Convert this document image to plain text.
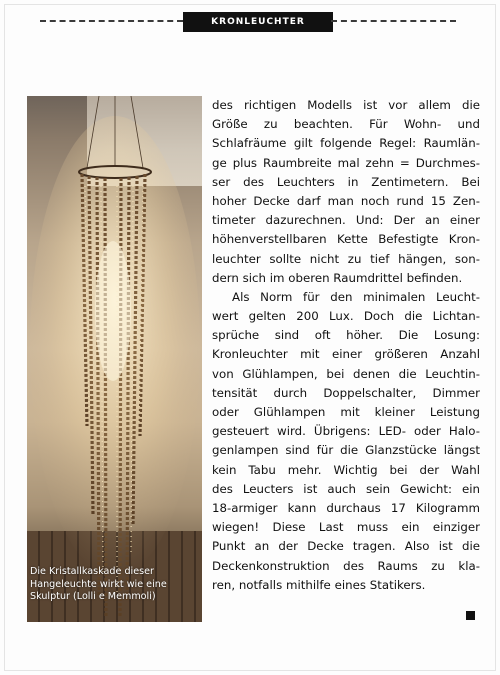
KRONLEUCHTER
Die Kristallkaskade dieser
Hangeleuchte wirkt wie eine
Skulptur (Lolli e Memmoli)
des richtigen Modells ist vor allem die
Größe zu beachten. Für Wohn- und
Schlafräume gilt folgende Regel: Raumlän-
ge plus Raumbreite mal zehn = Durchmes-
ser des Leuchters in Zentimetern. Bei
hoher Decke darf man noch rund 15 Zen-
timeter dazurechnen. Und: Der an einer
höhenverstellbaren Kette Befestigte Kron-
leuchter sollte nicht zu tief hängen, son-
dern sich im oberen Raumdrittel befinden.
Als Norm für den minimalen Leucht-
wert gelten 200 Lux. Doch die Lichtan-
sprüche sind oft höher. Die Losung:
Kronleuchter mit einer größeren Anzahl
von Glühlampen, bei denen die Leuchtin-
tensität durch Doppelschalter, Dimmer
oder Glühlampen mit kleiner Leistung
gesteuert wird. Übrigens: LED- oder Halo-
genlampen sind für die Glanzstücke längst
kein Tabu mehr. Wichtig bei der Wahl
des Leucters ist auch sein Gewicht: ein
18-armiger kann durchaus 17 Kilogramm
wiegen! Diese Last muss ein einziger
Punkt an der Decke tragen. Also ist die
Deckenkonstruktion des Raums zu kla-
ren, notfalls mithilfe eines Statikers.
